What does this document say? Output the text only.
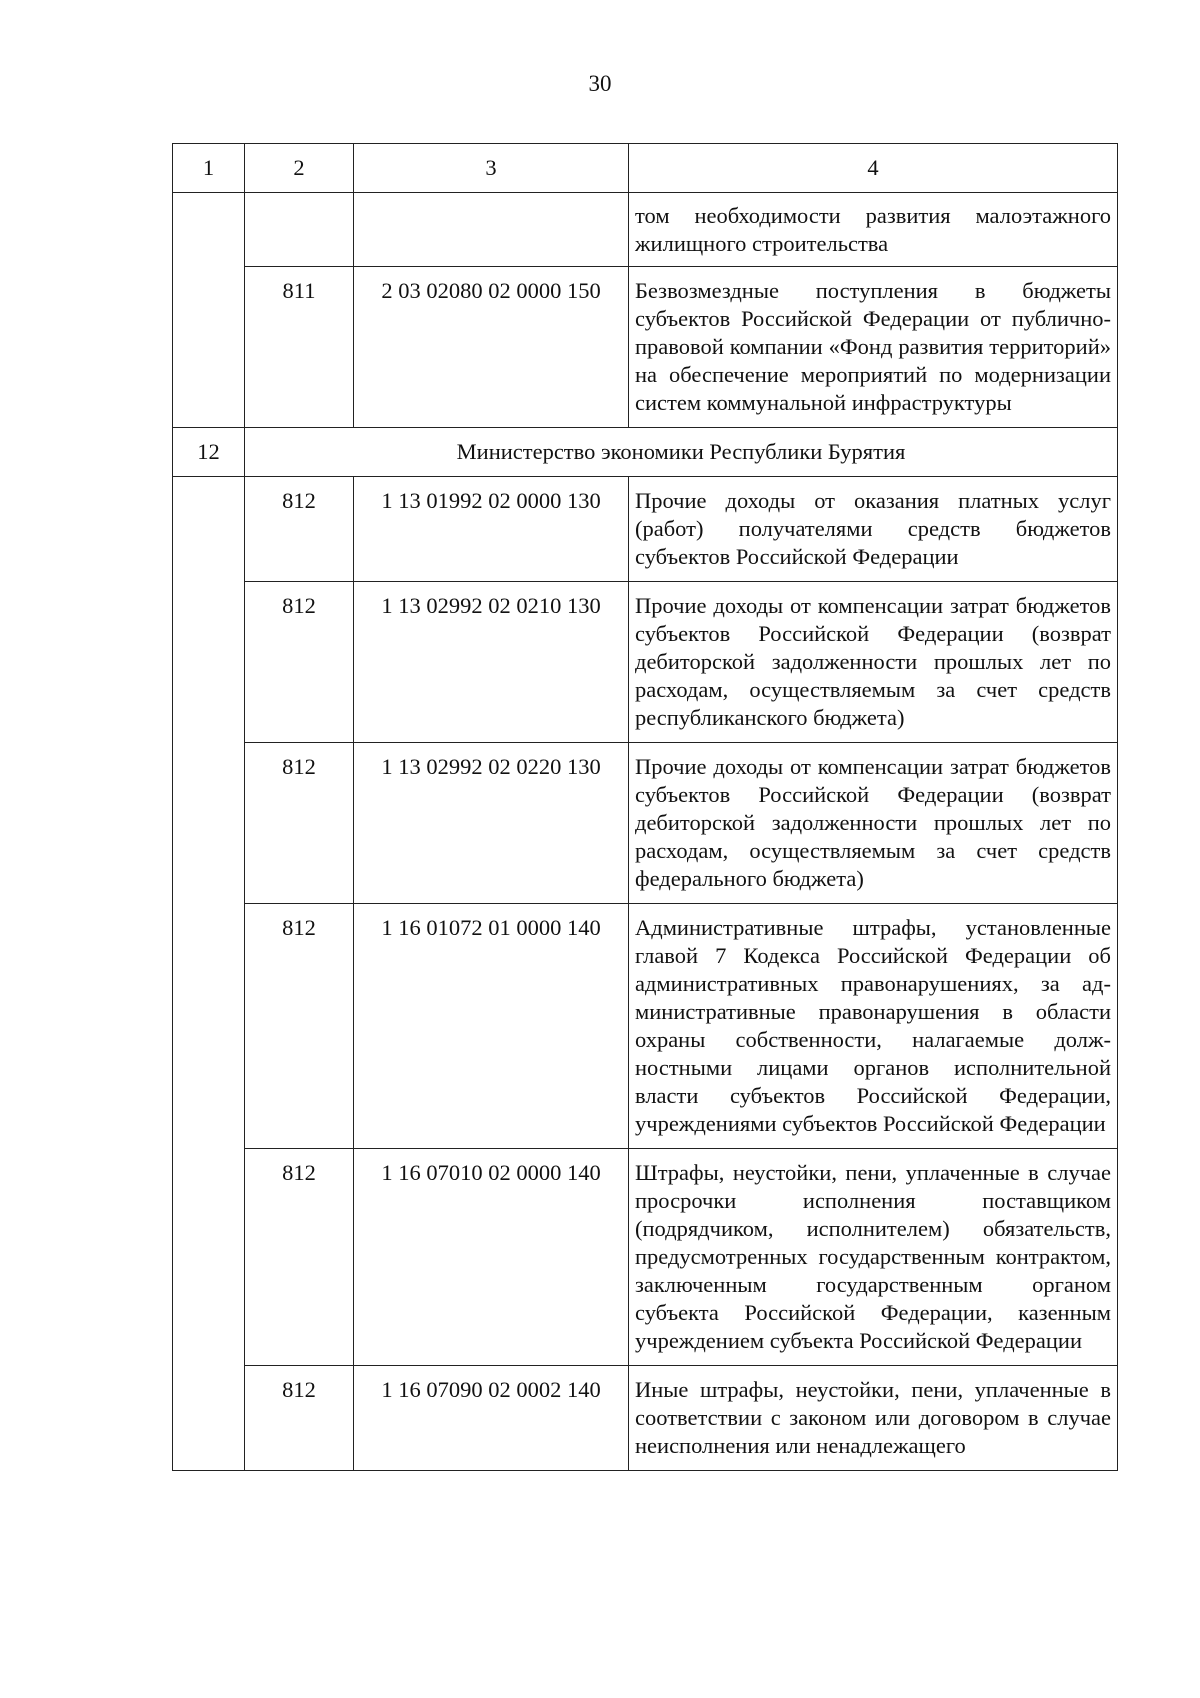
30
1	2	3	4
			том необходимости развития малоэтажного жилищного строительства
	811	2 03 02080 02 0000 150	Безвозмездные поступления в бюджеты субъектов Российской Федерации от публично-правовой компании «Фонд развития территорий» на обеспечение мероприятий по модернизации систем коммунальной инфраструктуры
12	Министерство экономики Республики Бурятия		
	812	1 13 01992 02 0000 130	Прочие доходы от оказания платных услуг (работ) получателями средств бюджетов субъектов Российской Федерации
	812	1 13 02992 02 0210 130	Прочие доходы от компенсации затрат бюджетов субъектов Российской Федерации (возврат дебиторской задолженности прошлых лет по расходам, осуществляемым за счет средств республиканского бюджета)
	812	1 13 02992 02 0220 130	Прочие доходы от компенсации затрат бюджетов субъектов Российской Федерации (возврат дебиторской задолженности прошлых лет по расходам, осуществляемым за счет средств федерального бюджета)
	812	1 16 01072 01 0000 140	Административные штрафы, установленные главой 7 Кодекса Российской Федерации об административных правонарушениях, за административные правонарушения в области охраны собственности, налагаемые должностными лицами органов исполнительной власти субъектов Российской Федерации, учреждениями субъектов Российской Федерации
	812	1 16 07010 02 0000 140	Штрафы, неустойки, пени, уплаченные в случае просрочки исполнения поставщиком (подрядчиком, исполнителем) обязательств, предусмотренных государственным контрактом, заключенным государственным органом субъекта Российской Федерации, казенным учреждением субъекта Российской Федерации
	812	1 16 07090 02 0002 140	Иные штрафы, неустойки, пени, уплаченные в соответствии с законом или договором в случае неисполнения или ненадлежащего
